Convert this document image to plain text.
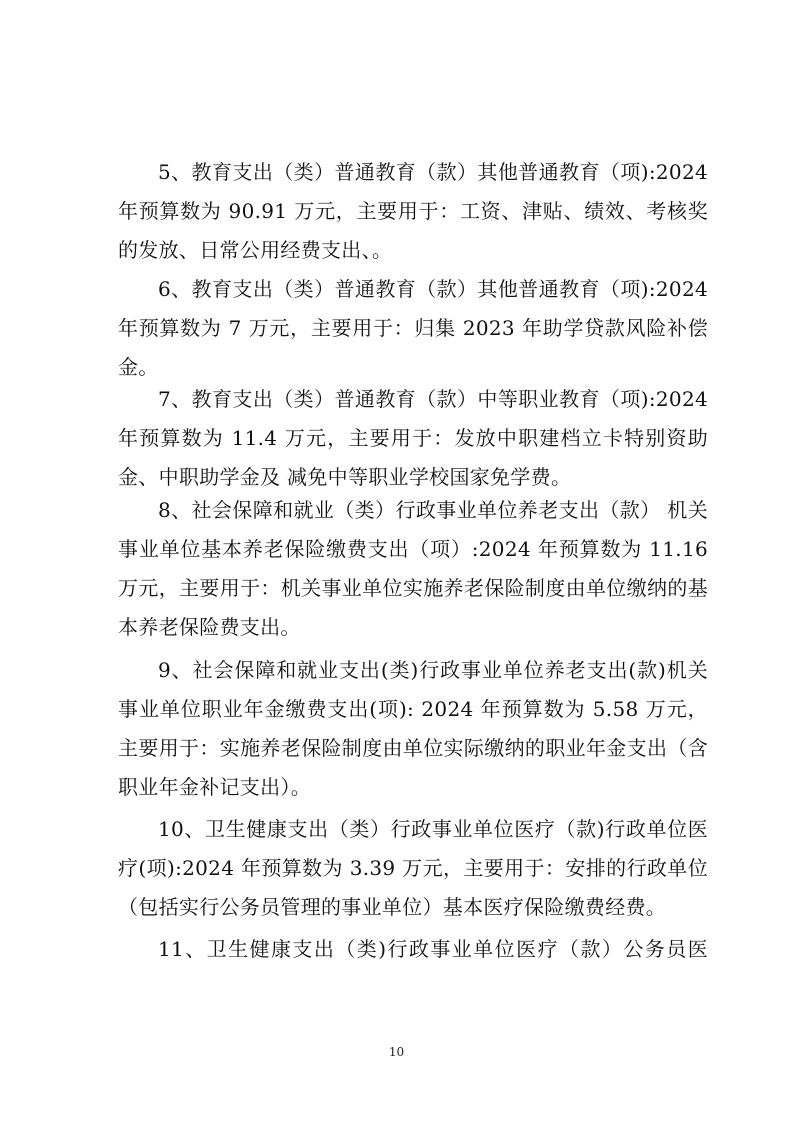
5、教育支出（类）普通教育（款）其他普通教育（项):2024年预算数为 90.91 万元，主要用于：工资、津贴、绩效、考核奖的发放、日常公用经费支出、。

6、教育支出（类）普通教育（款）其他普通教育（项):2024年预算数为 7 万元，主要用于：归集 2023 年助学贷款风险补偿金。

7、教育支出（类）普通教育（款）中等职业教育（项):2024年预算数为 11.4 万元，主要用于：发放中职建档立卡特别资助金、中职助学金及 减免中等职业学校国家免学费。

8、社会保障和就业（类）行政事业单位养老支出（款） 机关事业单位基本养老保险缴费支出（项）:2024 年预算数为 11.16 万元，主要用于：机关事业单位实施养老保险制度由单位缴纳的基本养老保险费支出。

9、社会保障和就业支出(类)行政事业单位养老支出(款)机关事业单位职业年金缴费支出(项): 2024 年预算数为 5.58 万元，主要用于：实施养老保险制度由单位实际缴纳的职业年金支出（含职业年金补记支出）。

10、卫生健康支出（类）行政事业单位医疗（款)行政单位医疗(项):2024 年预算数为 3.39 万元，主要用于：安排的行政单位（包括实行公务员管理的事业单位）基本医疗保险缴费经费。

11、卫生健康支出（类)行政事业单位医疗（款）公务员医

10
